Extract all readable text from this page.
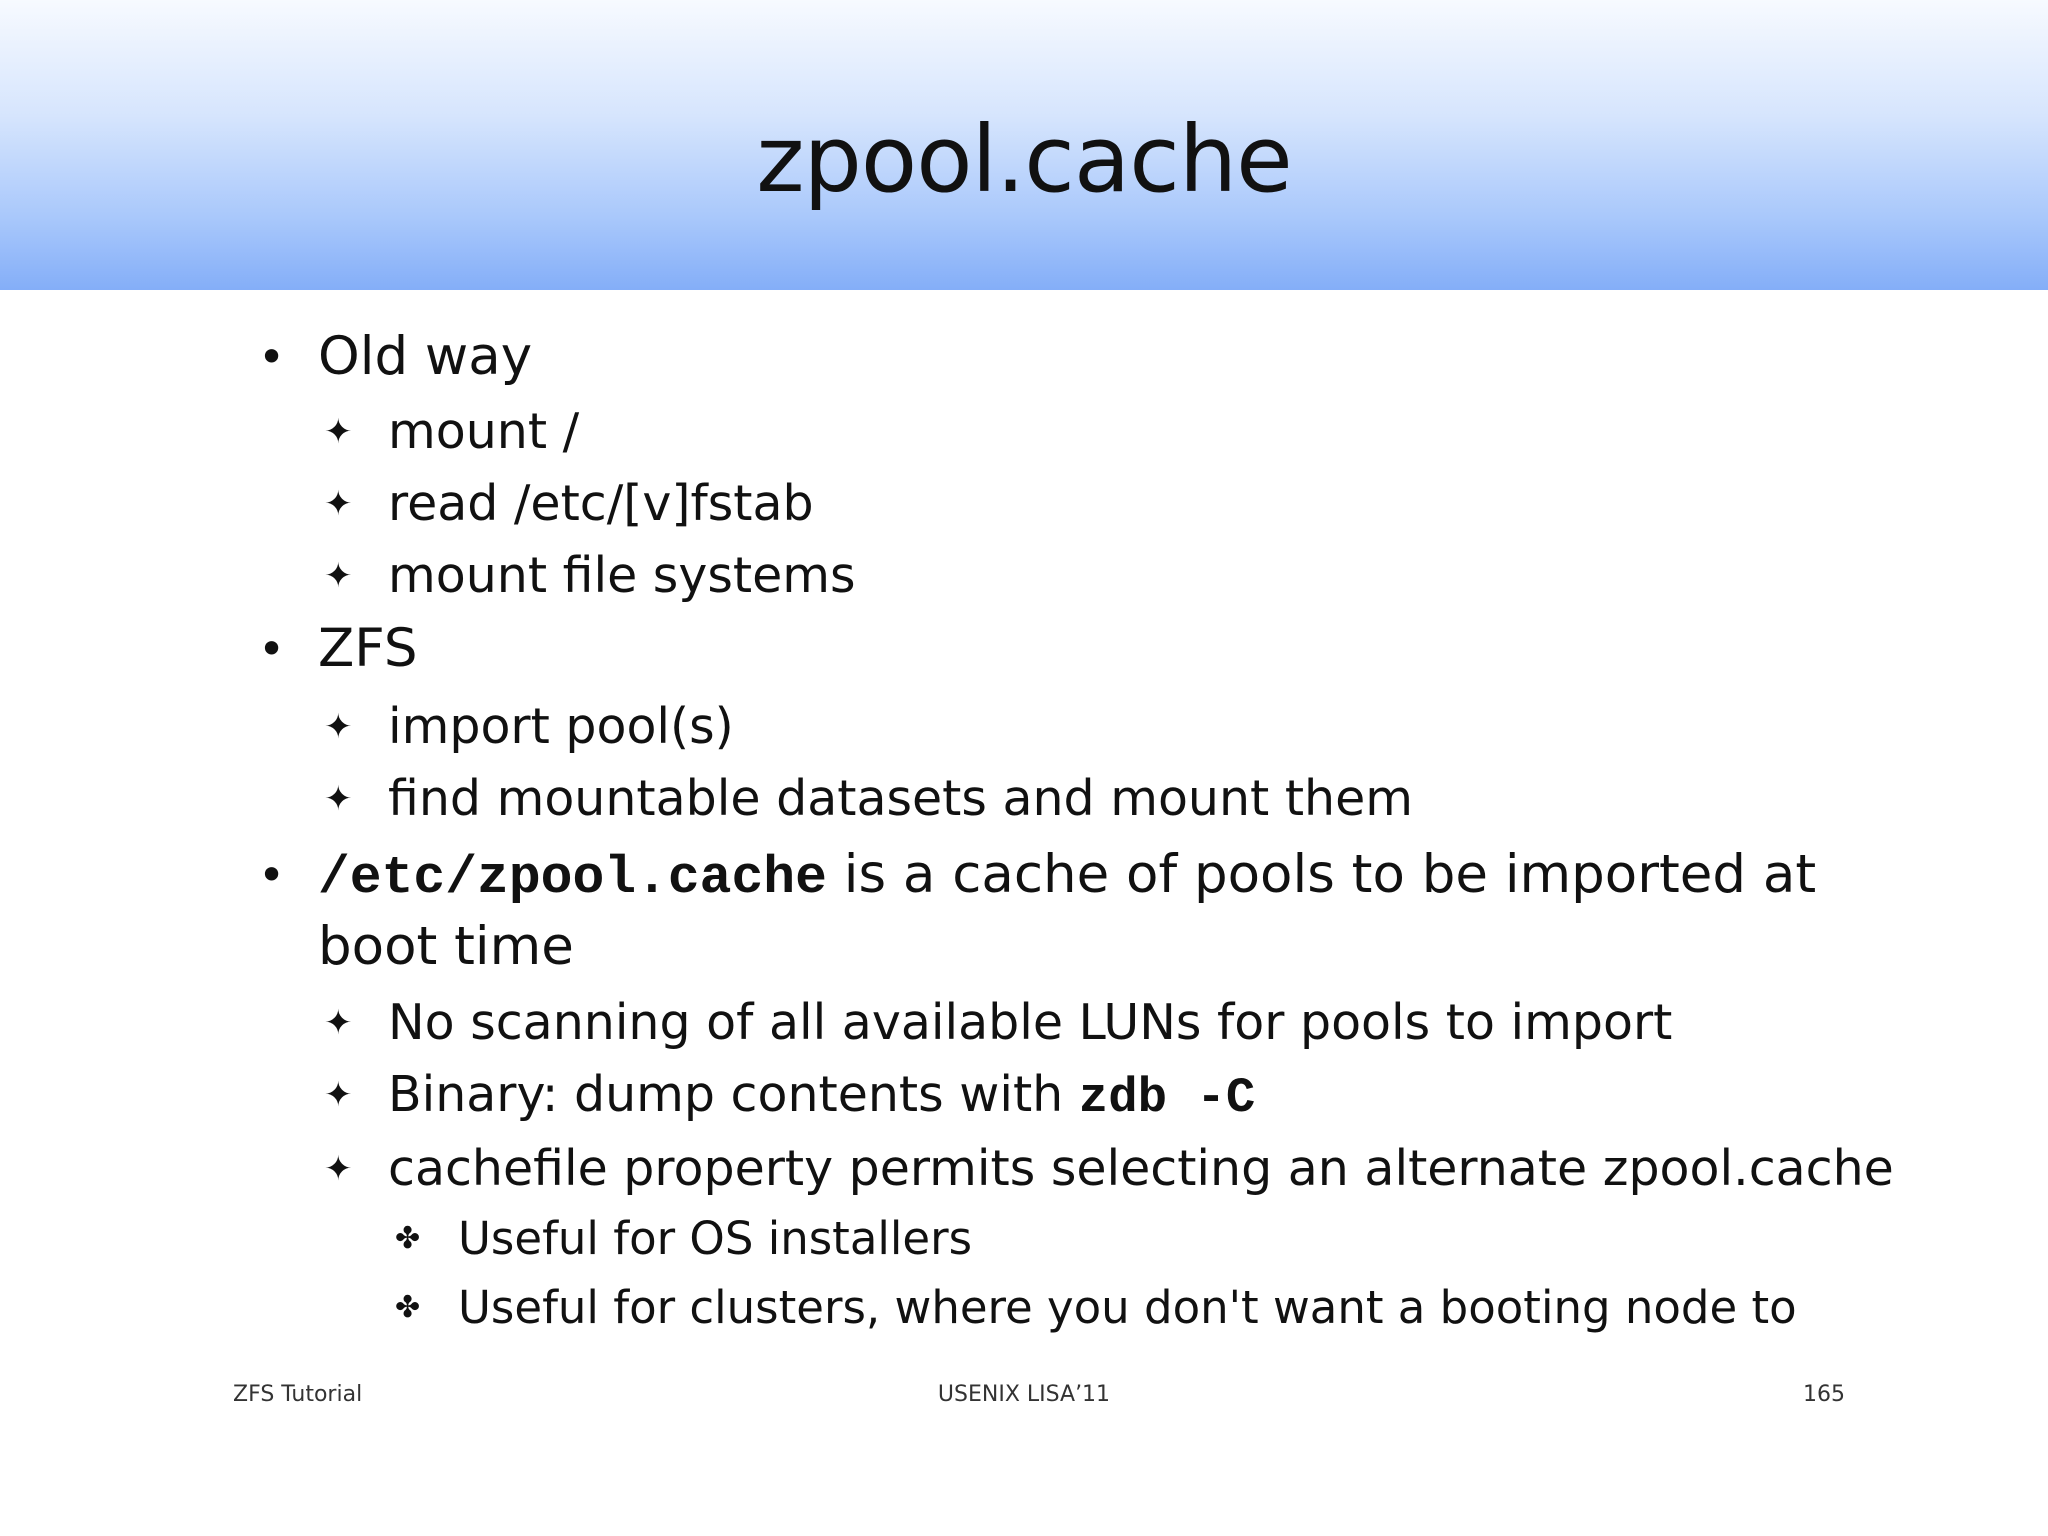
zpool.cache
• Old way
✦ mount /
✦ read /etc/[v]fstab
✦ mount file systems
• ZFS
✦ import pool(s)
✦ find mountable datasets and mount them
• /etc/zpool.cache is a cache of pools to be imported at
boot time
✦ No scanning of all available LUNs for pools to import
✦ Binary: dump contents with zdb -C
✦ cachefile property permits selecting an alternate zpool.cache
✤ Useful for OS installers
✤ Useful for clusters, where you don't want a booting node to
ZFS Tutorial	USENIX LISA’11	165
